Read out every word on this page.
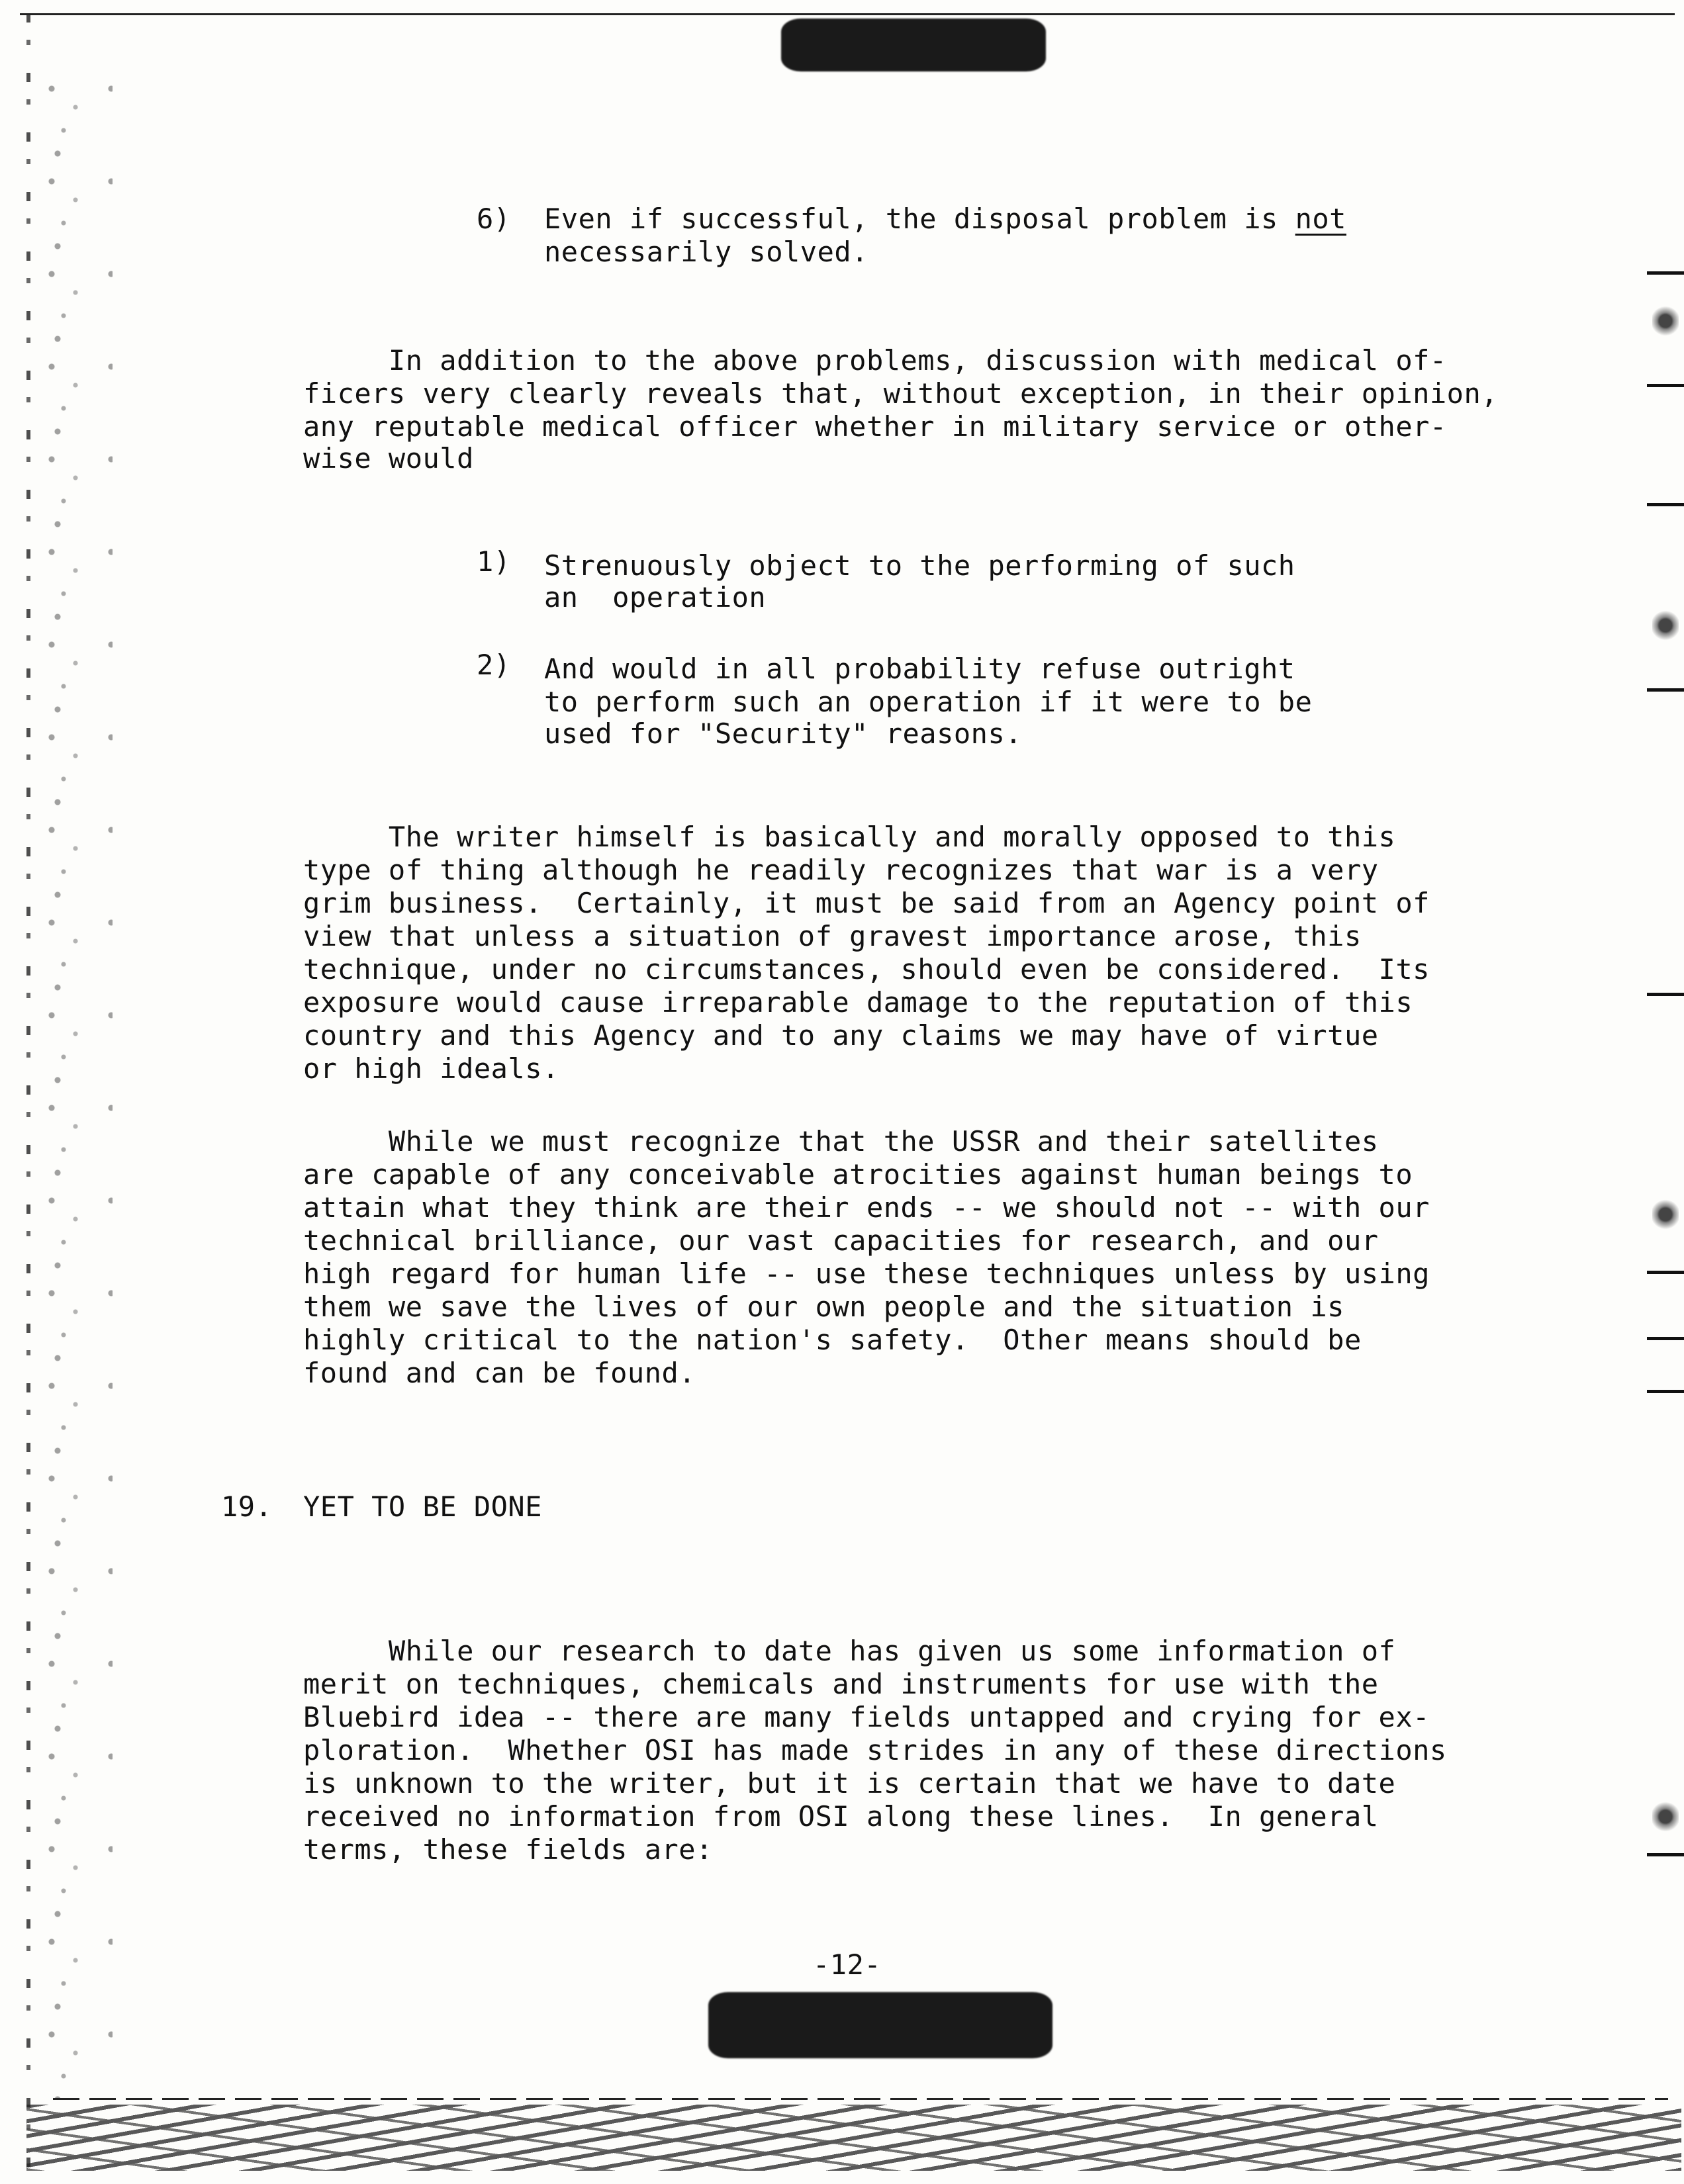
6) Even if successful, the disposal problem is not
necessarily solved.
In addition to the above problems, discussion with medical of-
ficers very clearly reveals that, without exception, in their opinion,
any reputable medical officer whether in military service or other-
wise would
1) Strenuously object to the performing of such
an  operation
2) And would in all probability refuse outright
to perform such an operation if it were to be
used for "Security" reasons.
The writer himself is basically and morally opposed to this
type of thing although he readily recognizes that war is a very
grim business.  Certainly, it must be said from an Agency point of
view that unless a situation of gravest importance arose, this
technique, under no circumstances, should even be considered.  Its
exposure would cause irreparable damage to the reputation of this
country and this Agency and to any claims we may have of virtue
or high ideals.
While we must recognize that the USSR and their satellites
are capable of any conceivable atrocities against human beings to
attain what they think are their ends -- we should not -- with our
technical brilliance, our vast capacities for research, and our
high regard for human life -- use these techniques unless by using
them we save the lives of our own people and the situation is
highly critical to the nation's safety.  Other means should be
found and can be found.
19. YET TO BE DONE
While our research to date has given us some information of
merit on techniques, chemicals and instruments for use with the
Bluebird idea -- there are many fields untapped and crying for ex-
ploration.  Whether OSI has made strides in any of these directions
is unknown to the writer, but it is certain that we have to date
received no information from OSI along these lines.  In general
terms, these fields are:
-12-
